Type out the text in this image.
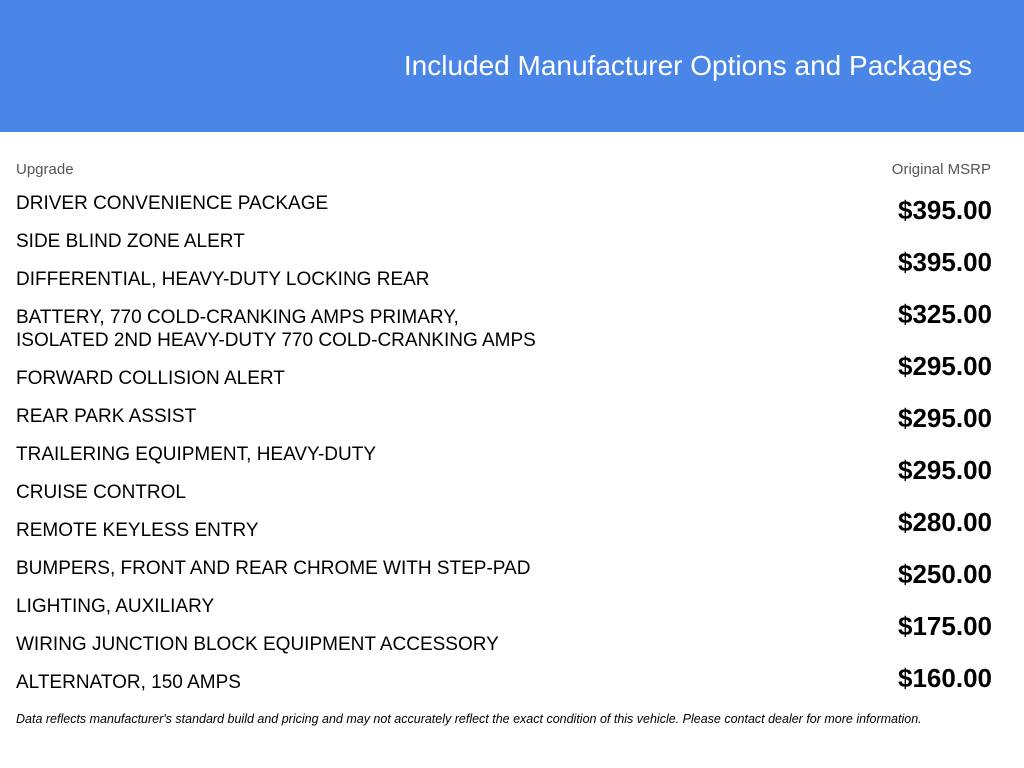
Included Manufacturer Options and Packages
Upgrade	Original MSRP
DRIVER CONVENIENCE PACKAGE
SIDE BLIND ZONE ALERT
DIFFERENTIAL, HEAVY-DUTY LOCKING REAR
BATTERY, 770 COLD-CRANKING AMPS PRIMARY,
ISOLATED 2ND HEAVY-DUTY 770 COLD-CRANKING AMPS
FORWARD COLLISION ALERT
REAR PARK ASSIST
TRAILERING EQUIPMENT, HEAVY-DUTY
CRUISE CONTROL
REMOTE KEYLESS ENTRY
BUMPERS, FRONT AND REAR CHROME WITH STEP-PAD
LIGHTING, AUXILIARY
WIRING JUNCTION BLOCK EQUIPMENT ACCESSORY
ALTERNATOR, 150 AMPS
$395.00
$395.00
$325.00
$295.00
$295.00
$295.00
$280.00
$250.00
$175.00
$160.00
Data reflects manufacturer's standard build and pricing and may not accurately reflect the exact condition of this vehicle. Please contact dealer for more information.
